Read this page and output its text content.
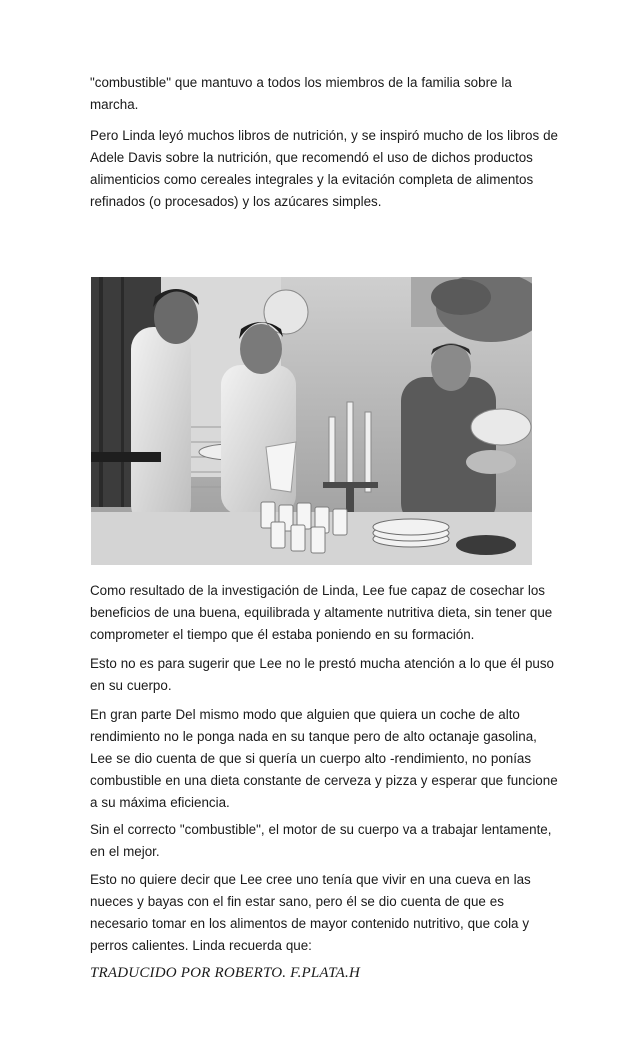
"combustible" que mantuvo a todos los miembros de la familia sobre la marcha.

Pero Linda leyó muchos libros de nutrición, y se inspiró mucho de los libros de Adele Davis sobre la nutrición, que recomendó el uso de dichos productos alimenticios como cereales integrales y la evitación completa de alimentos refinados (o procesados) y los azúcares simples.

Como resultado de la investigación de Linda, Lee fue capaz de cosechar los beneficios de una buena, equilibrada y altamente nutritiva dieta, sin tener que comprometer el tiempo que él estaba poniendo en su formación.

Esto no es para sugerir que Lee no le prestó mucha atención a lo que él puso en su cuerpo.

En gran parte Del mismo modo que alguien que quiera un coche de alto rendimiento no le ponga nada en su tanque pero de alto octanaje gasolina, Lee se dio cuenta de que si quería un cuerpo alto -rendimiento, no ponías combustible en una dieta constante de cerveza y pizza y esperar que funcione a su máxima eficiencia.

Sin el correcto "combustible", el motor de su cuerpo va a trabajar lentamente, en el mejor.

Esto no quiere decir que Lee cree uno tenía que vivir en una cueva en las nueces y bayas con el fin estar sano, pero él se dio cuenta de que es necesario tomar en los alimentos de mayor contenido nutritivo, que cola y perros calientes. Linda recuerda que:

TRADUCIDO POR ROBERTO. F.PLATA.H
